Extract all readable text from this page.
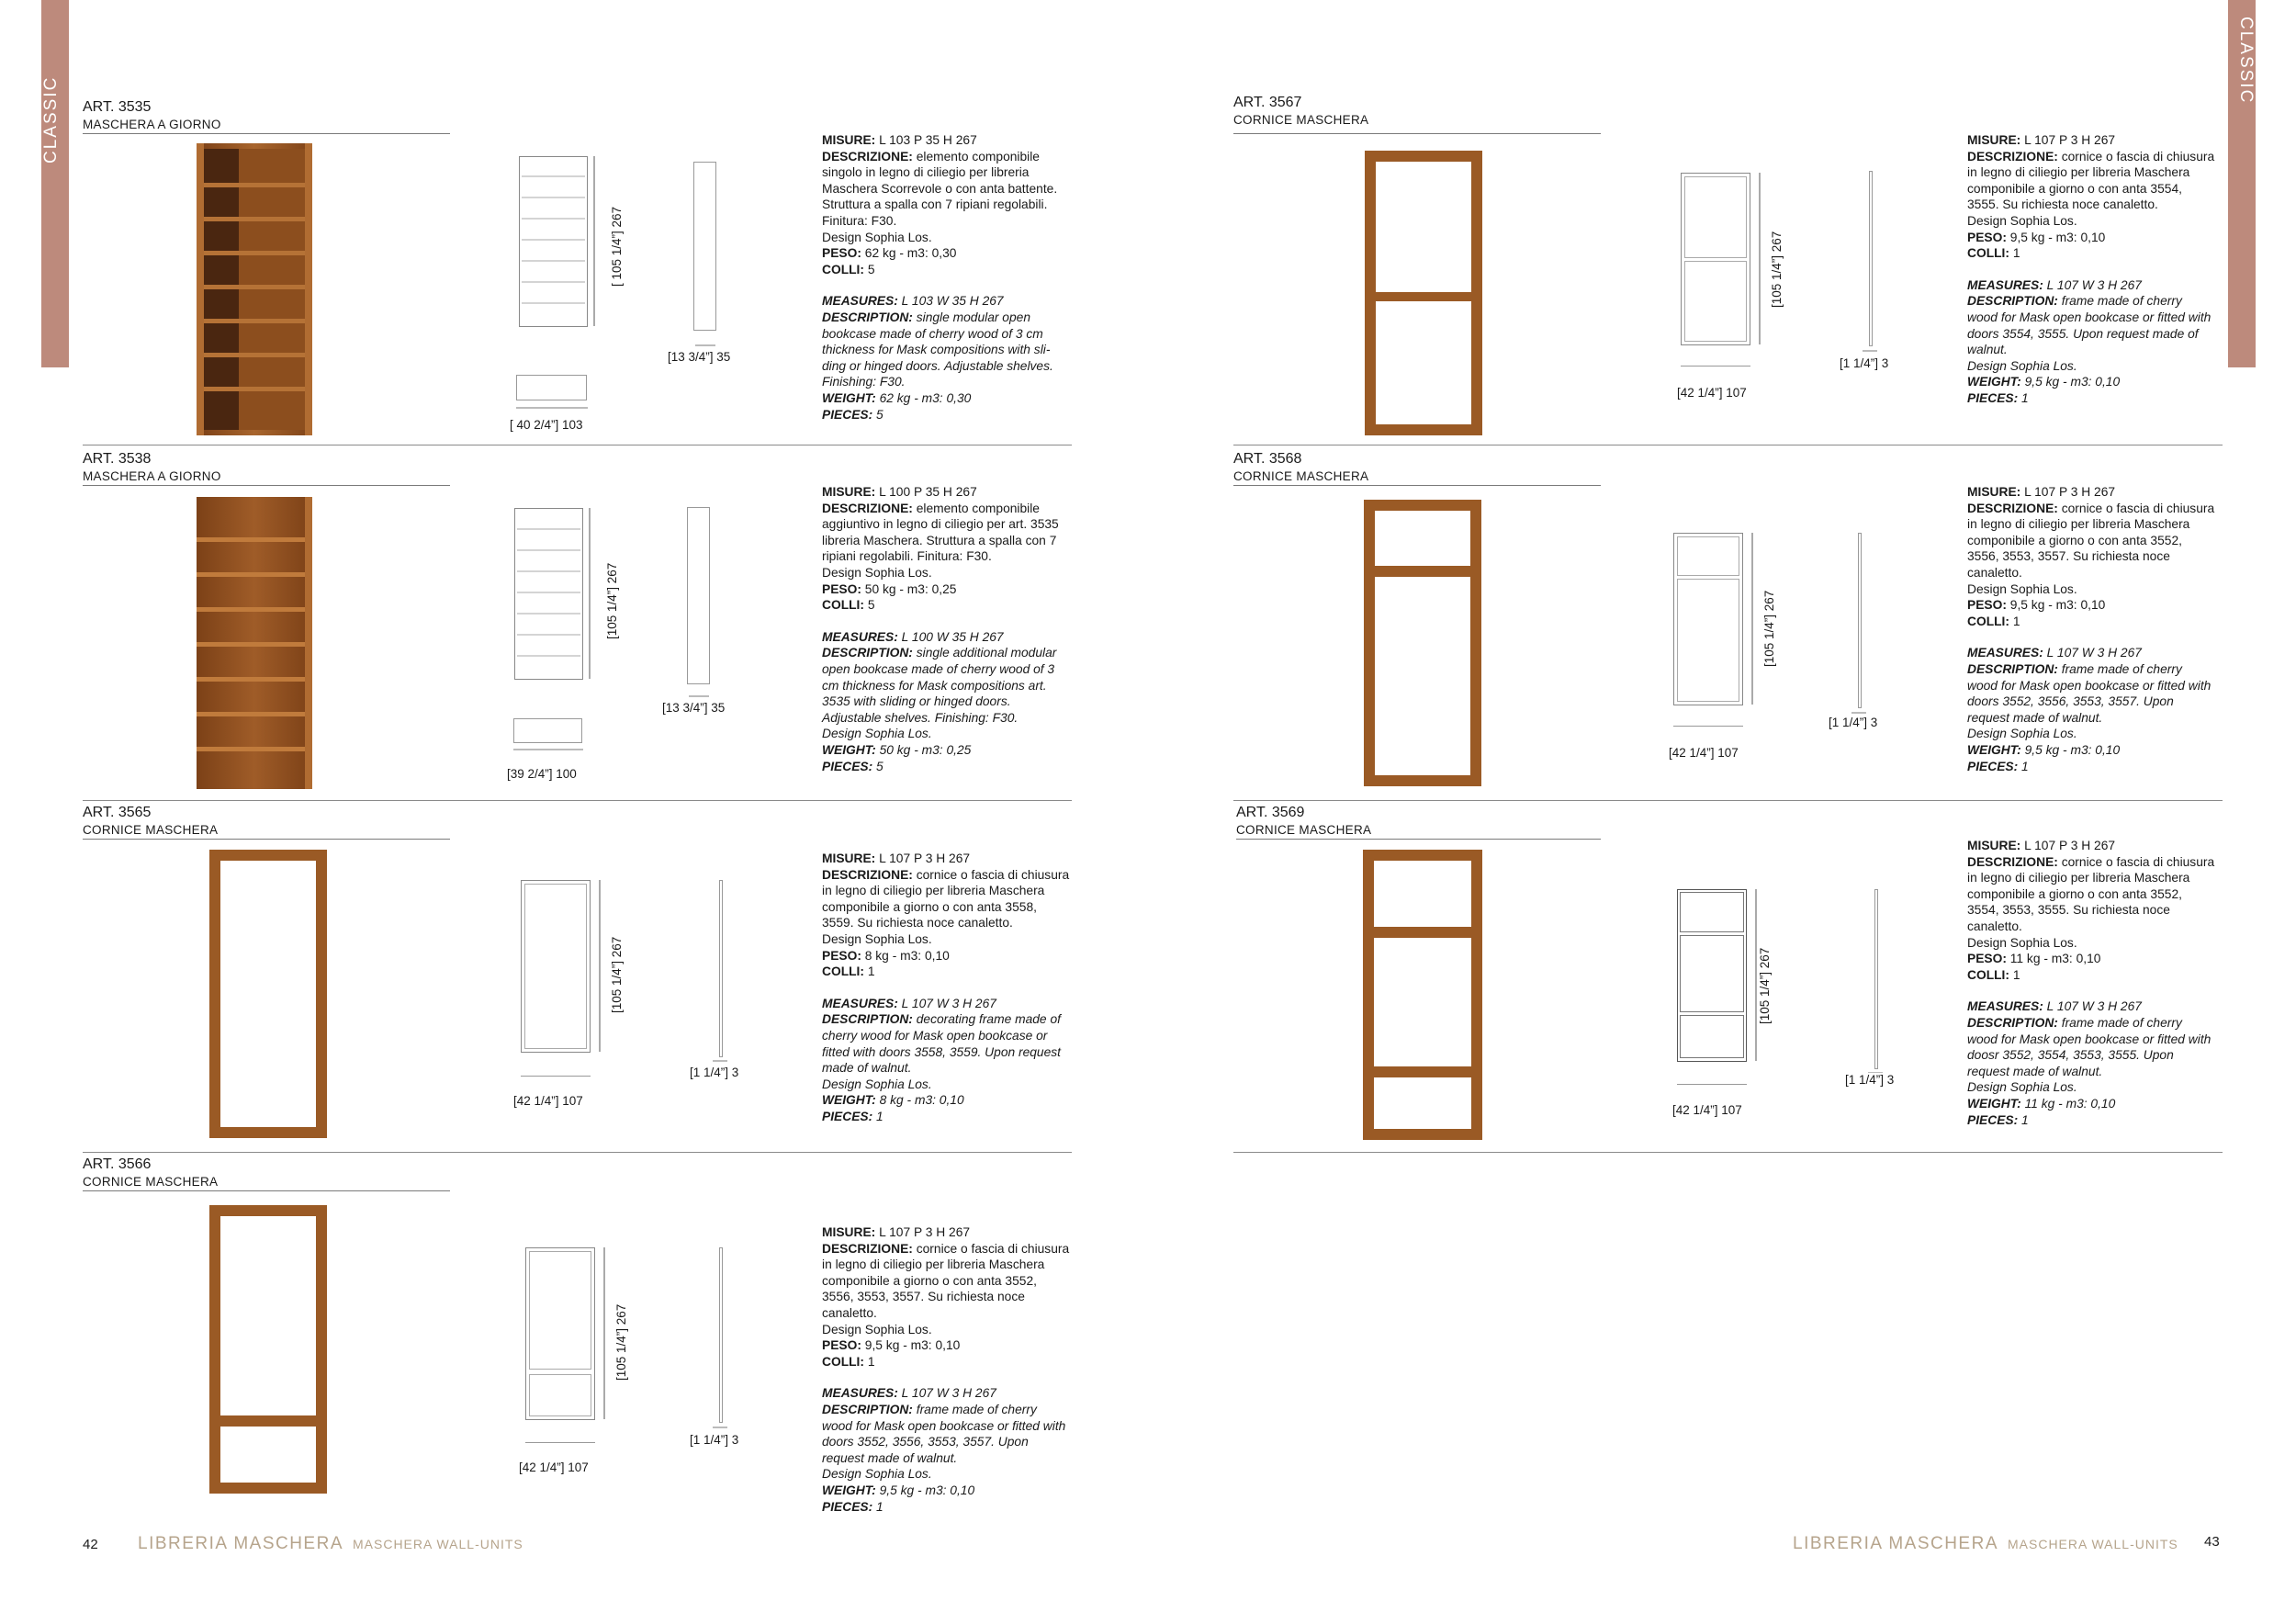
CLASSIC
CLASSIC
ART. 3535
MASCHERA A GIORNO
[ 105 1/4”] 267
[13 3/4”] 35
[ 40 2/4”] 103

MISURE: L 103 P 35 H 267

DESCRIZIONE: elemento componibile singolo in legno di ciliegio per libreria Maschera Scorrevole o con anta battente. Struttura a spalla con 7 ripiani regolabili.

Finitura: F30.

Design Sophia Los.

PESO: 62 kg - m3: 0,30

COLLI: 5

MEASURES: L 103 W 35 H 267

DESCRIPTION: single modular open bookcase made of cherry wood of 3 cm thickness for Mask compositions with sli-ding or hinged doors. Adjustable shelves.

Finishing: F30.

WEIGHT: 62 kg - m3: 0,30

PIECES: 5

ART. 3538
MASCHERA A GIORNO
[105 1/4”] 267
[13 3/4”] 35
[39 2/4”] 100

MISURE: L 100 P 35 H 267

DESCRIZIONE: elemento componibile aggiuntivo in legno di ciliegio per art. 3535 libreria Maschera. Struttura a spalla con 7 ripiani regolabili. Finitura: F30.

Design Sophia Los.

PESO: 50 kg - m3: 0,25

COLLI: 5

MEASURES: L 100 W 35 H 267

DESCRIPTION: single additional modular open bookcase made of cherry wood of 3 cm thickness for Mask compositions art. 3535 with sliding or hinged doors. Adjustable shelves. Finishing: F30.

Design Sophia Los.

WEIGHT: 50 kg - m3: 0,25

PIECES: 5

ART. 3565
CORNICE MASCHERA
[105 1/4”] 267
[1 1/4”] 3
[42 1/4”] 107

MISURE: L 107 P 3 H 267

DESCRIZIONE: cornice o fascia di chiusura in legno di ciliegio per libreria Maschera componibile a giorno o con anta 3558, 3559. Su richiesta noce canaletto.

Design Sophia Los.

PESO: 8 kg - m3: 0,10

COLLI: 1

MEASURES: L 107 W 3 H 267

DESCRIPTION: decorating frame made of cherry wood for Mask open bookcase or fitted with doors 3558, 3559. Upon request made of walnut.

Design Sophia Los.

WEIGHT: 8 kg - m3: 0,10

PIECES: 1

ART. 3566
CORNICE MASCHERA
[105 1/4”] 267
[1 1/4”] 3
[42 1/4”] 107

MISURE: L 107 P 3 H 267

DESCRIZIONE: cornice o fascia di chiusura in legno di ciliegio per libreria Maschera componibile a giorno o con anta 3552, 3556, 3553, 3557. Su richiesta noce canaletto.

Design Sophia Los.

PESO: 9,5 kg - m3: 0,10

COLLI: 1

MEASURES: L 107 W 3 H 267

DESCRIPTION: frame made of cherry wood for Mask open bookcase or fitted with doors 3552, 3556, 3553, 3557. Upon request made of walnut.

Design Sophia Los.

WEIGHT: 9,5 kg - m3: 0,10

PIECES: 1

ART. 3567
CORNICE MASCHERA
[105 1/4”] 267
[1 1/4”] 3
[42 1/4”] 107

MISURE: L 107 P 3 H 267

DESCRIZIONE: cornice o fascia di chiusura in legno di ciliegio per libreria Maschera componibile a giorno o con anta 3554, 3555. Su richiesta noce canaletto.

Design Sophia Los.

PESO: 9,5 kg - m3: 0,10

COLLI: 1

MEASURES: L 107 W 3 H 267

DESCRIPTION: frame made of cherry wood for Mask open bookcase or fitted with doors 3554, 3555. Upon request made of walnut.

Design Sophia Los.

WEIGHT: 9,5 kg - m3: 0,10

PIECES: 1

ART. 3568
CORNICE MASCHERA
[105 1/4”] 267
[1 1/4”] 3
[42 1/4”] 107

MISURE: L 107 P 3 H 267

DESCRIZIONE: cornice o fascia di chiusura in legno di ciliegio per libreria Maschera componibile a giorno o con anta 3552, 3556, 3553, 3557. Su richiesta noce canaletto.

Design Sophia Los.

PESO: 9,5 kg - m3: 0,10

COLLI: 1

MEASURES: L 107 W 3 H 267

DESCRIPTION: frame made of cherry wood for Mask open bookcase or fitted with doors 3552, 3556, 3553, 3557. Upon request made of walnut.

Design Sophia Los.

WEIGHT: 9,5 kg - m3: 0,10

PIECES: 1

ART. 3569
CORNICE MASCHERA
[105 1/4”] 267
[1 1/4”] 3
[42 1/4”] 107

MISURE: L 107 P 3 H 267

DESCRIZIONE: cornice o fascia di chiusura in legno di ciliegio per libreria Maschera componibile a giorno o con anta 3552, 3554, 3553, 3555. Su richiesta noce canaletto.

Design Sophia Los.

PESO: 11 kg - m3: 0,10

COLLI: 1

MEASURES: L 107 W 3 H 267

DESCRIPTION: frame made of cherry wood for Mask open bookcase or fitted with doosr 3552, 3554, 3553, 3555. Upon request made of walnut.

Design Sophia Los.

WEIGHT: 11 kg - m3: 0,10

PIECES: 1

42 LIBRERIA MASCHERA MASCHERA WALL-UNITS	LIBRERIA MASCHERA MASCHERA WALL-UNITS 43
